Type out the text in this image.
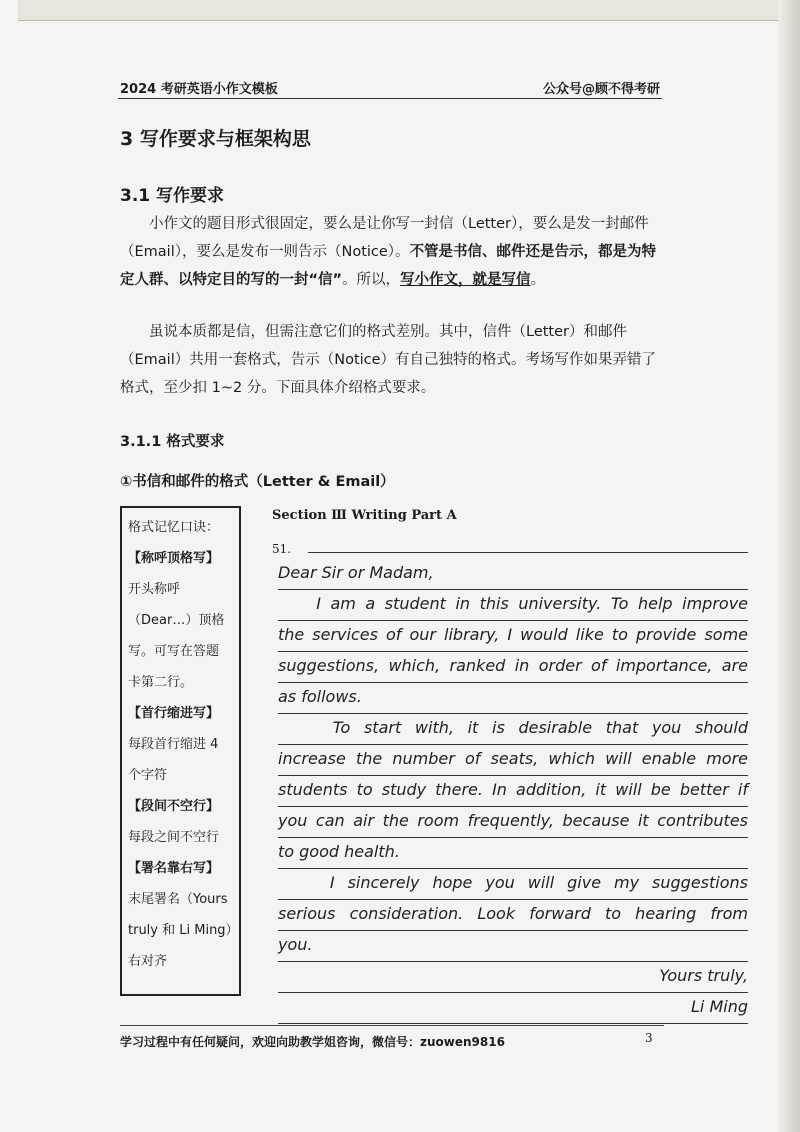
2024 考研英语小作文模板	公众号@顾不得考研
3 写作要求与框架构思
3.1 写作要求
小作文的题目形式很固定，要么是让你写一封信（Letter），要么是发一封邮件（Email），要么是发布一则告示（Notice）。不管是书信、邮件还是告示，都是为特定人群、以特定目的写的一封“信”。所以，写小作文，就是写信。
虽说本质都是信，但需注意它们的格式差别。其中，信件（Letter）和邮件（Email）共用一套格式，告示（Notice）有自己独特的格式。考场写作如果弄错了格式，至少扣 1~2 分。下面具体介绍格式要求。
3.1.1 格式要求
①书信和邮件的格式（Letter & Email）
格式记忆口诀：
【称呼顶格写】
开头称呼
（Dear…）顶格
写。可写在答题
卡第二行。
【首行缩进写】
每段首行缩进 4
个字符
【段间不空行】
每段之间不空行
【署名靠右写】
末尾署名（Yours
truly 和 Li Ming）
右对齐
Section Ⅲ Writing Part A
51.
Dear Sir or Madam,
I am a student in this university. To help improve
the services of our library, I would like to provide some
suggestions, which, ranked in order of importance, are
as follows.
To start with, it is desirable that you should
increase the number of seats, which will enable more
students to study there. In addition, it will be better if
you can air the room frequently, because it contributes
to good health.
I sincerely hope you will give my suggestions
serious consideration. Look forward to hearing from
you.
Yours truly,
Li Ming
学习过程中有任何疑问，欢迎向助教学姐咨询，微信号：zuowen9816	3
